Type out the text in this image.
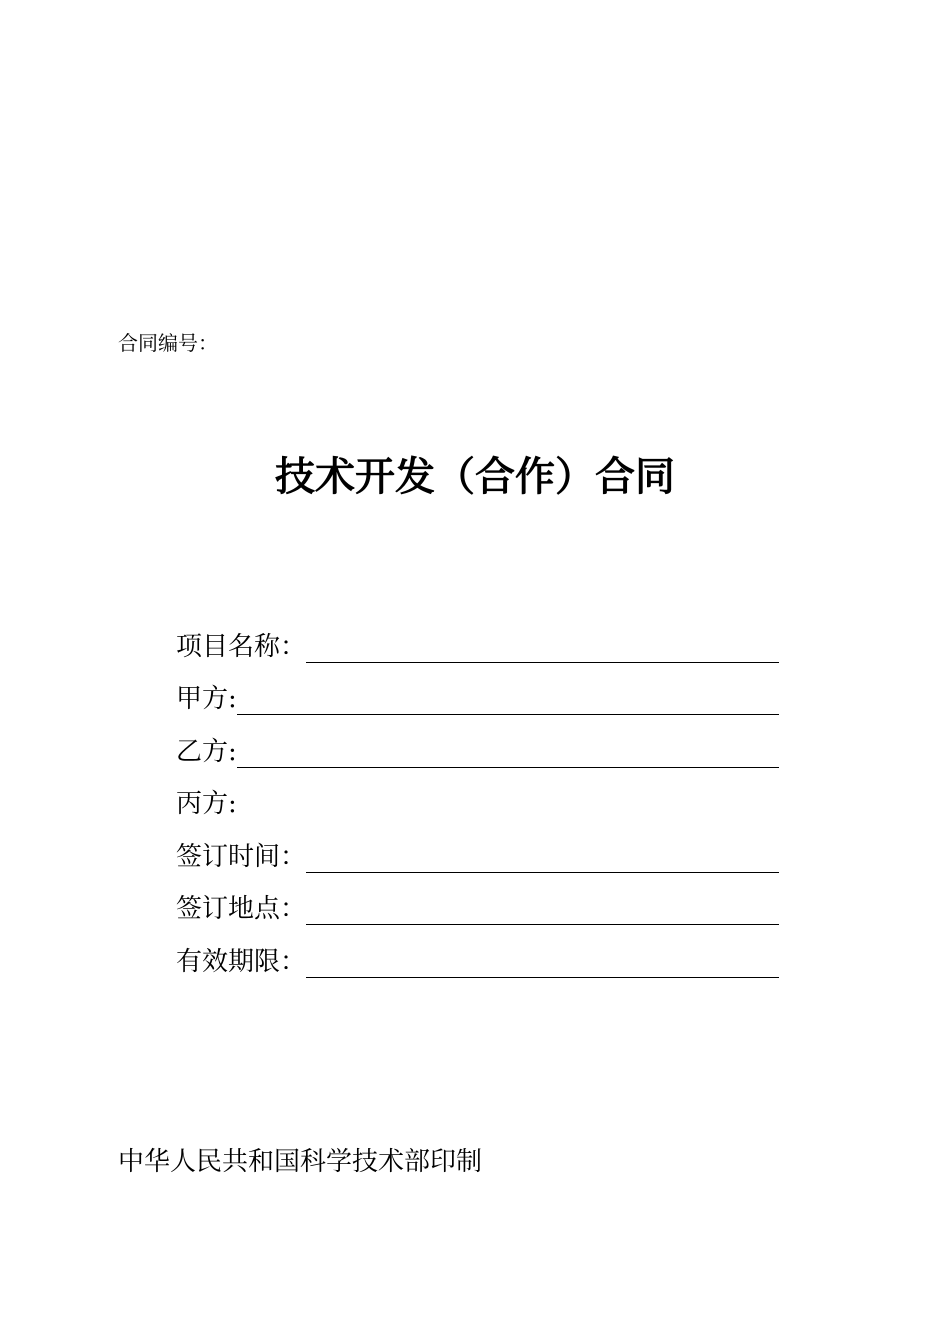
合同编号：
技术开发（合作）合同
项目名称：
甲方:
乙方:
丙方:
签订时间：
签订地点：
有效期限：
中华人民共和国科学技术部印制
